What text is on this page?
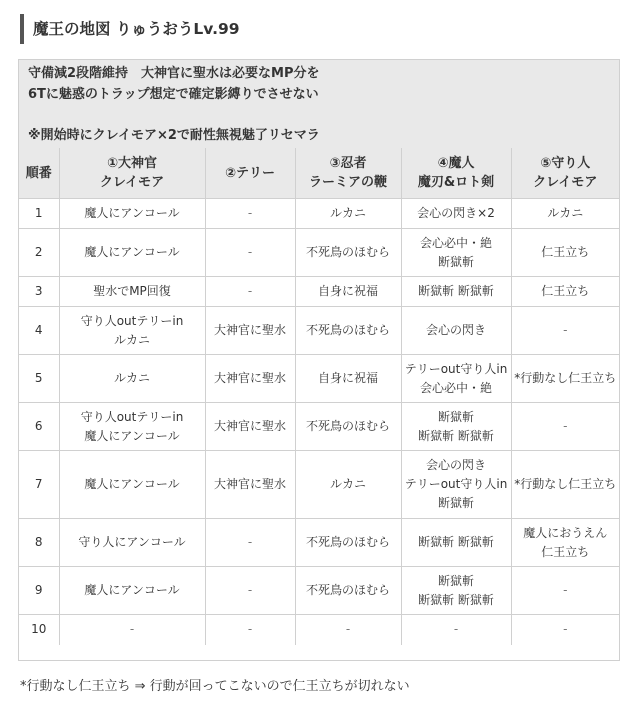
魔王の地図 りゅうおうLv.99
守備減2段階維持　大神官に聖水は必要なMP分を
6Tに魅惑のトラップ想定で確定影縛りでさせない
※開始時にクレイモア×2で耐性無視魅了リセマラ
順番	①大神官
クレイモア	②テリー	③忍者
ラーミアの鞭	④魔人
魔刃&ロト剣	⑤守り人
クレイモア

1	魔人にアンコール	-	ルカニ	会心の閃き×2	ルカニ

2	魔人にアンコール	-	不死鳥のほむら	会心必中・絶
断獄斬	仁王立ち

3	聖水でMP回復	-	自身に祝福	断獄斬 断獄斬	仁王立ち

4	守り人outテリーin
ルカニ	大神官に聖水	不死鳥のほむら	会心の閃き	-

5	ルカニ	大神官に聖水	自身に祝福	テリーout守り人in
会心必中・絶	*行動なし仁王立ち

6	守り人outテリーin
魔人にアンコール	大神官に聖水	不死鳥のほむら	断獄斬
断獄斬 断獄斬	-

7	魔人にアンコール	大神官に聖水	ルカニ	会心の閃き
テリーout守り人in
断獄斬	*行動なし仁王立ち

8	守り人にアンコール	-	不死鳥のほむら	断獄斬 断獄斬	魔人におうえん
仁王立ち

9	魔人にアンコール	-	不死鳥のほむら	断獄斬
断獄斬 断獄斬	-

10	-	-	-	-	-
*行動なし仁王立ち ⇒ 行動が回ってこないので仁王立ちが切れない
